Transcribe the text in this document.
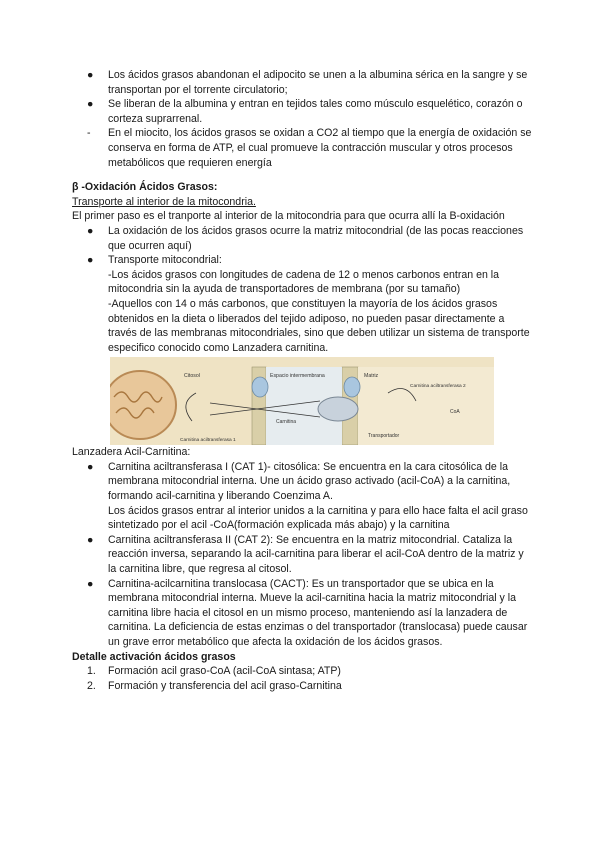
● Los ácidos grasos abandonan el adipocito se unen a la albumina sérica en la sangre y se transportan por el torrente circulatorio;
● Se liberan de la albumina y entran en tejidos tales como músculo esquelético, corazón o corteza suprarrenal.
- En el miocito, los ácidos grasos se oxidan a CO2 al tiempo que la energía de oxidación se conserva en forma de ATP, el cual promueve la contracción muscular y otros procesos metabólicos que requieren energía
β -Oxidación Ácidos Grasos:
Transporte al interior de la mitocondria.
El primer paso es el tranporte al interior de la mitocondria para que ocurra allí la B-oxidación
● La oxidación de los ácidos grasos ocurre la matriz mitocondrial (de las pocas reacciones que ocurren aquí)
● Transporte mitocondrial:
-Los ácidos grasos con longitudes de cadena de 12 o menos carbonos entran en la mitocondria sin la ayuda de transportadores de membrana (por su tamaño)
-Aquellos con 14 o más carbonos, que constituyen la mayoría de los ácidos grasos obtenidos en la dieta o liberados del tejido adiposo, no pueden pasar directamente a través de las membranas mitocondriales, sino que deben utilizar un sistema de transporte especifico conocido como Lanzadera carnitina.
Citosol	Espacio intermembrana	Matriz
Carnitina
Transportador
Carnitina aciltransferasa 1
Carnitina aciltransferasa 2
CoA
Lanzadera Acil-Carnitina:
● Carnitina aciltransferasa I (CAT 1)- citosólica: Se encuentra en la cara citosólica de la membrana mitocondrial interna. Une un ácido graso activado (acil-CoA) a la carnitina, formando acil-carnitina y liberando Coenzima A.
Los ácidos grasos entrar al interior unidos a la carnitina y para ello hace falta el acil graso sintetizado por el acil -CoA(formación explicada más abajo) y la carnitina
● Carnitina aciltransferasa II (CAT 2): Se encuentra en la matriz mitocondrial. Cataliza la reacción inversa, separando la acil-carnitina para liberar el acil-CoA dentro de la matriz y la carnitina libre, que regresa al citosol.
● Carnitina-acilcarnitina translocasa (CACT): Es un transportador que se ubica en la membrana mitocondrial interna. Mueve la acil-carnitina hacia la matriz mitocondrial y la carnitina libre hacia el citosol en un mismo proceso, manteniendo así la lanzadera de carnitina. La deficiencia de estas enzimas o del transportador (translocasa) puede causar un grave error metabólico que afecta la oxidación de los ácidos grasos.
Detalle activación ácidos grasos
1. Formación acil graso-CoA (acil-CoA sintasa; ATP)
2. Formación y transferencia del acil graso-Carnitina
